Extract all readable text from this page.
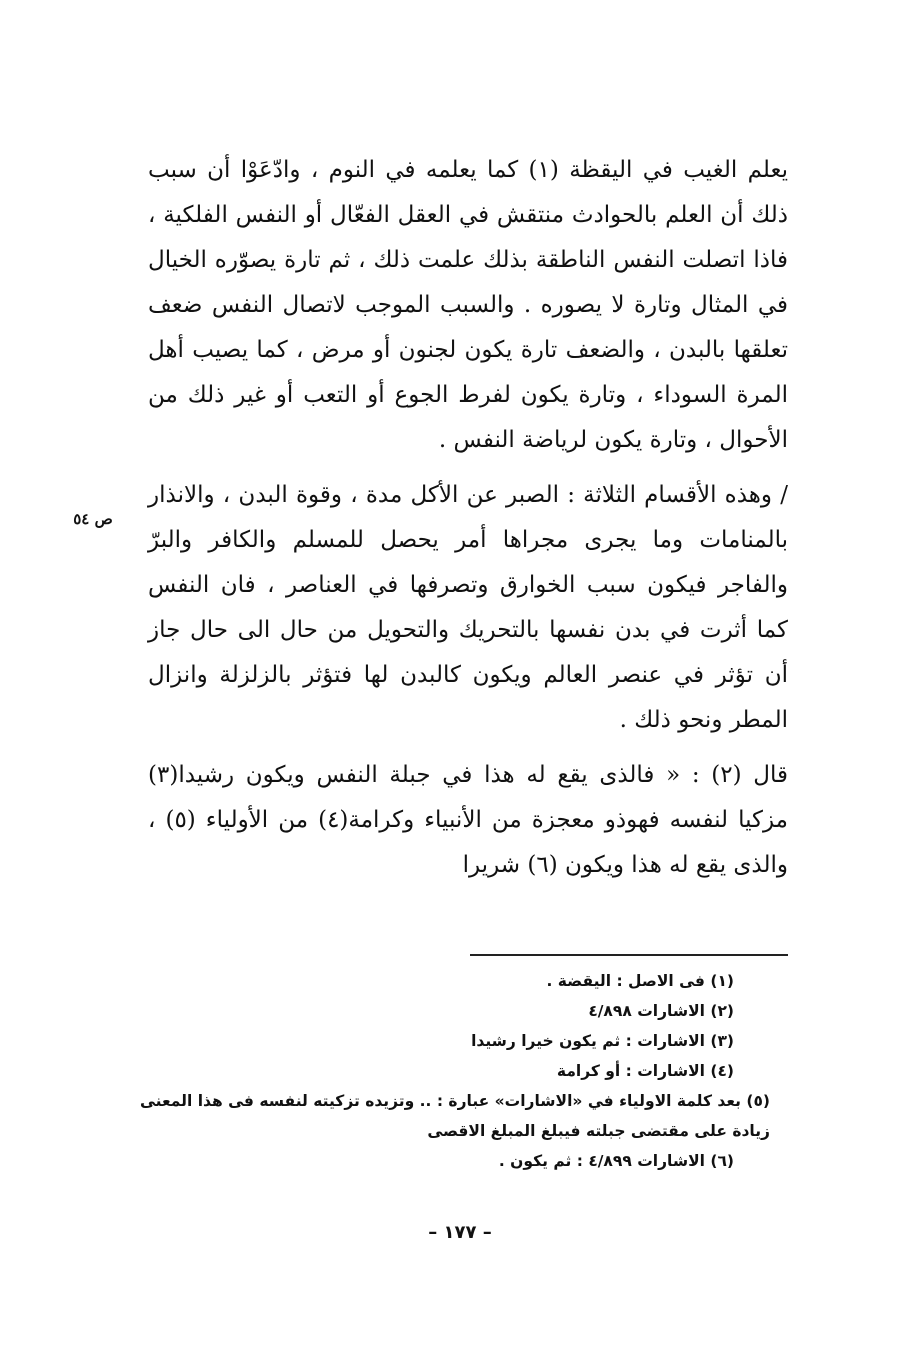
يعلم الغيب في اليقظة (١) كما يعلمه في النوم ، وادّعَوْا أن سبب ذلك أن العلم بالحوادث منتقش في العقل الفعّال أو النفس الفلكية ، فاذا اتصلت النفس الناطقة بذلك علمت ذلك ، ثم تارة يصوّره الخيال في المثال وتارة لا يصوره . والسبب الموجب لاتصال النفس ضعف تعلقها بالبدن ، والضعف تارة يكون لجنون أو مرض ، كما يصيب أهل المرة السوداء ، وتارة يكون لفرط الجوع أو التعب أو غير ذلك من الأحوال ، وتارة يكون لرياضة النفس .

/ وهذه الأقسام الثلاثة : الصبر عن الأكل مدة ، وقوة البدن ، والانذار بالمنامات وما يجرى مجراها أمر يحصل للمسلم والكافر والبرّ والفاجر فيكون سبب الخوارق وتصرفها في العناصر ، فان النفس كما أثرت في بدن نفسها بالتحريك والتحويل من حال الى حال جاز أن تؤثر في عنصر العالم ويكون كالبدن لها فتؤثر بالزلزلة وانزال المطر ونحو ذلك .

قال (٢) : « فالذى يقع له هذا في جبلة النفس ويكون رشيدا(٣) مزكيا لنفسه فهوذو معجزة من الأنبياء وكرامة(٤) من الأولياء (٥) ، والذى يقع له هذا ويكون (٦) شريرا

ص ٥٤

(١) فى الاصل : اليقضة .

(٢) الاشارات ٤/٨٩٨

(٣) الاشارات : ثم يكون خيرا رشيدا

(٤) الاشارات : أو كرامة

(٥) بعد كلمة الاولياء في «الاشارات» عبارة : .. وتزيده تزكيته لنفسه فى هذا المعنى زيادة على مقتضى جبلته فيبلغ المبلغ الاقصى

(٦) الاشارات ٤/٨٩٩ : ثم يكون .

– ١٧٧ –
